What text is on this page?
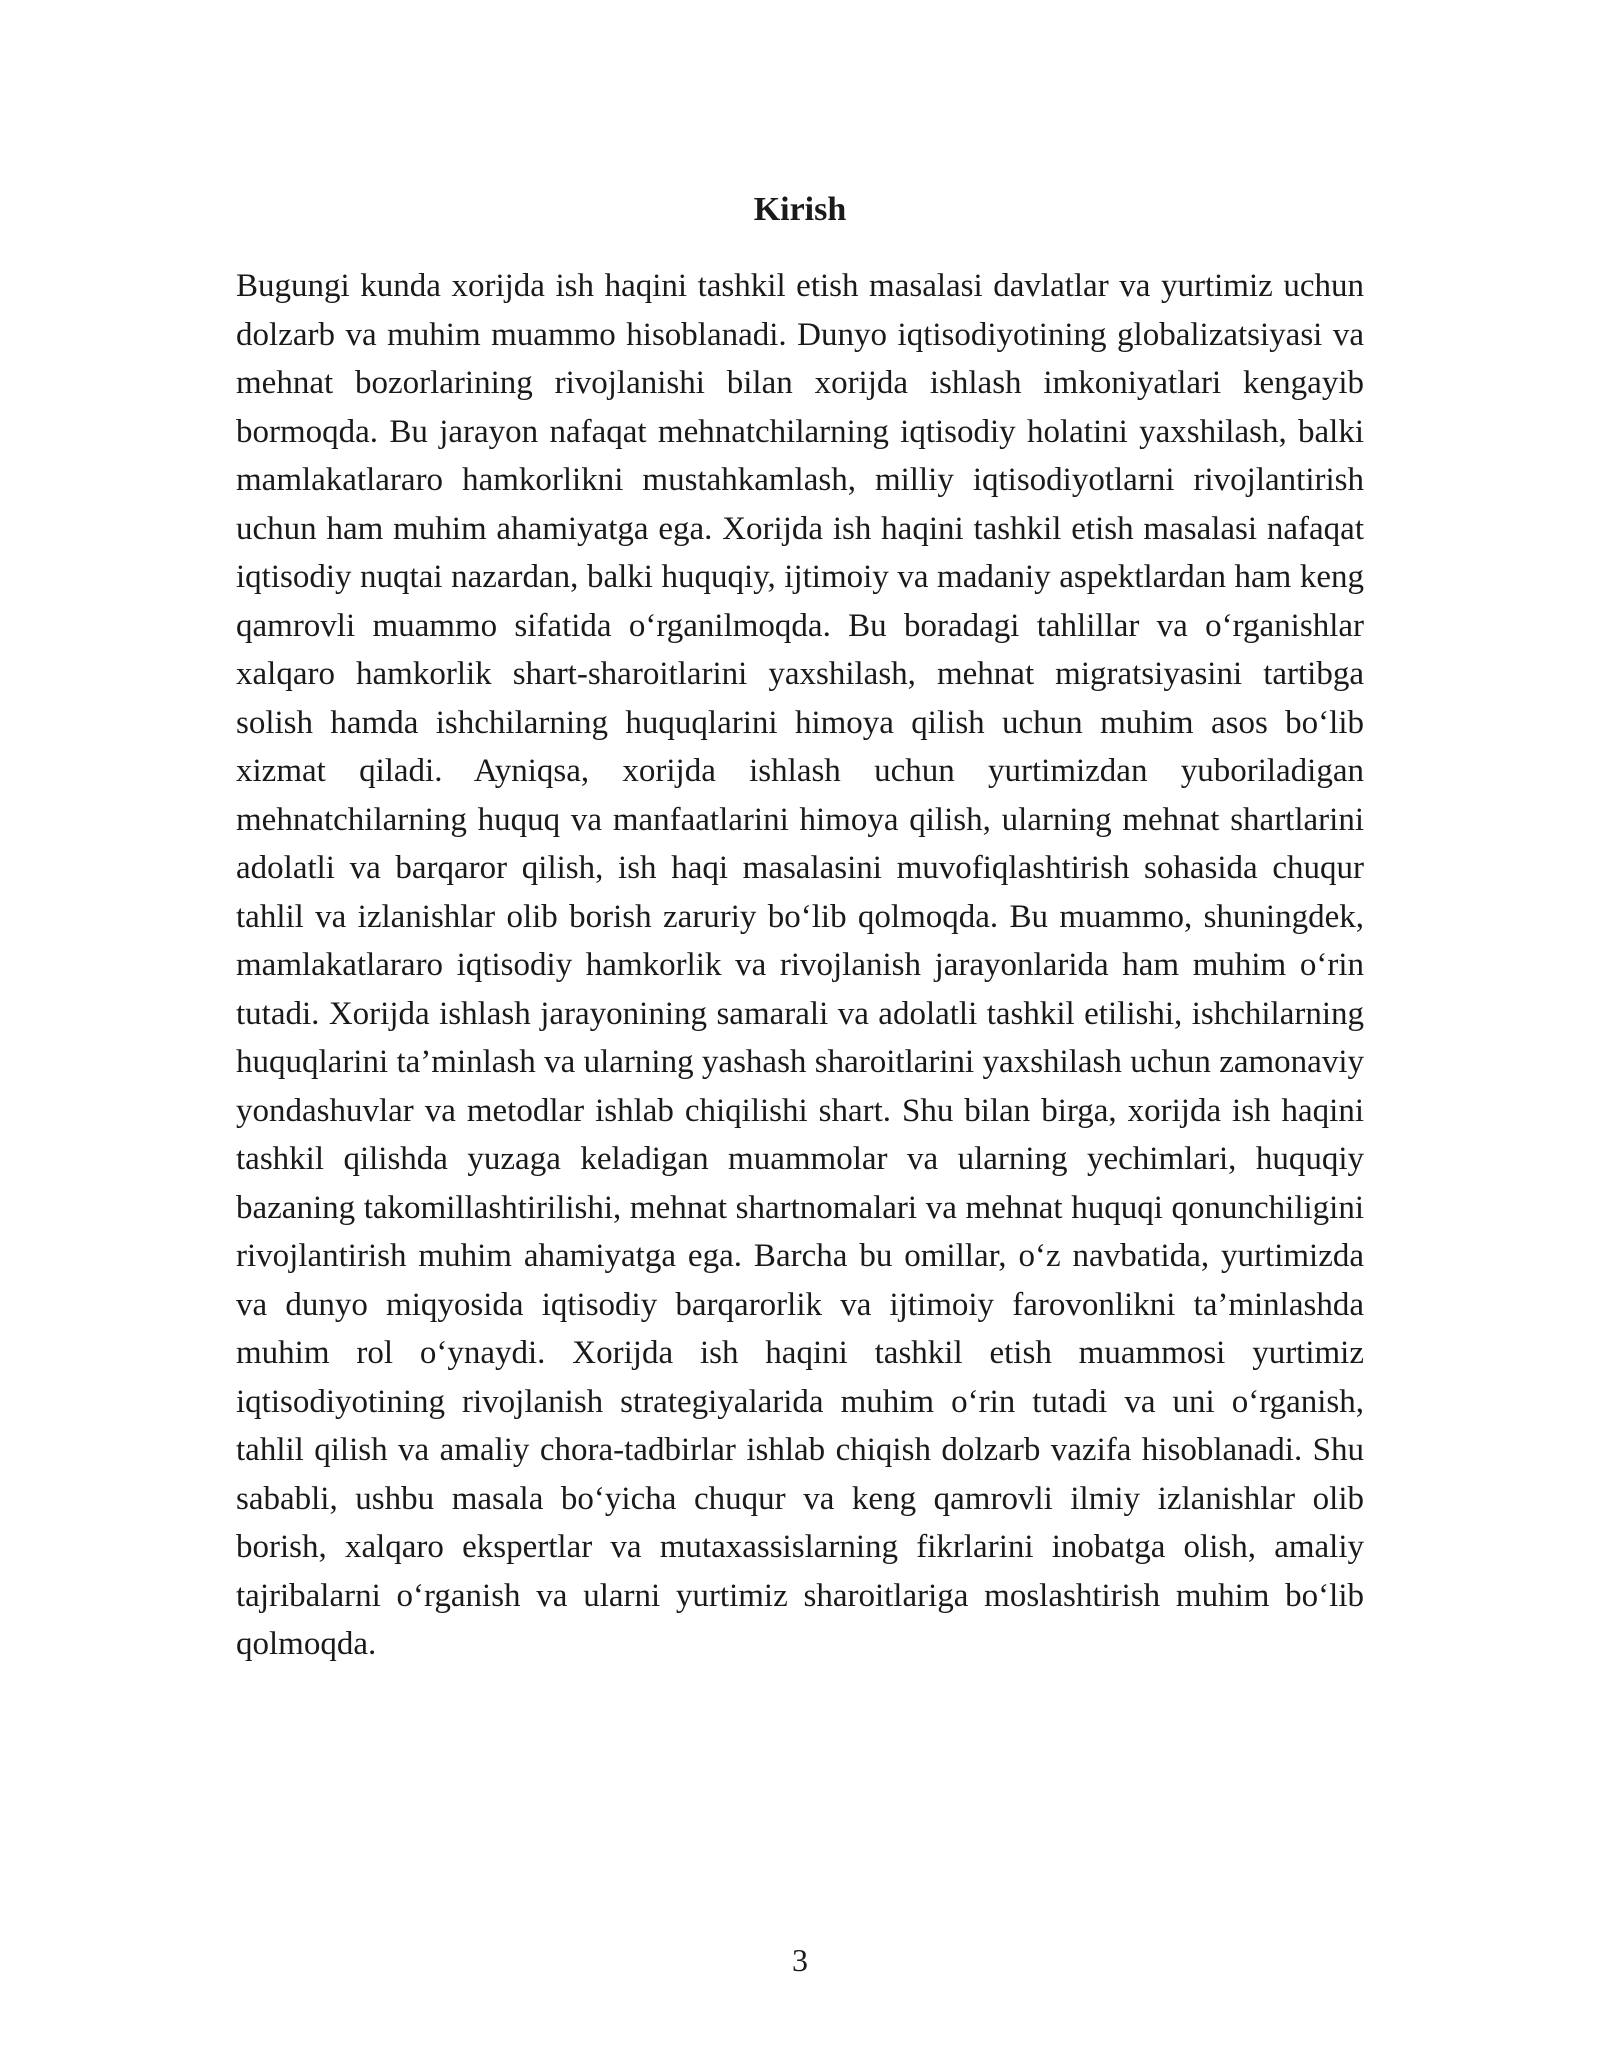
Kirish

Bugungi kunda xorijda ish haqini tashkil etish masalasi davlatlar va yurtimiz uchun dolzarb va muhim muammo hisoblanadi. Dunyo iqtisodiyotining globalizatsiyasi va mehnat bozorlarining rivojlanishi bilan xorijda ishlash imkoniyatlari kengayib bormoqda. Bu jarayon nafaqat mehnatchilarning iqtisodiy holatini yaxshilash, balki mamlakatlararo hamkorlikni mustahkamlash, milliy iqtisodiyotlarni rivojlantirish uchun ham muhim ahamiyatga ega. Xorijda ish haqini tashkil etish masalasi nafaqat iqtisodiy nuqtai nazardan, balki huquqiy, ijtimoiy va madaniy aspektlardan ham keng qamrovli muammo sifatida o‘rganilmoqda. Bu boradagi tahlillar va o‘rganishlar xalqaro hamkorlik shart-sharoitlarini yaxshilash, mehnat migratsiyasini tartibga solish hamda ishchilarning huquqlarini himoya qilish uchun muhim asos bo‘lib xizmat qiladi. Ayniqsa, xorijda ishlash uchun yurtimizdan yuboriladigan mehnatchilarning huquq va manfaatlarini himoya qilish, ularning mehnat shartlarini adolatli va barqaror qilish, ish haqi masalasini muvofiqlashtirish sohasida chuqur tahlil va izlanishlar olib borish zaruriy bo‘lib qolmoqda. Bu muammo, shuningdek, mamlakatlararo iqtisodiy hamkorlik va rivojlanish jarayonlarida ham muhim o‘rin tutadi. Xorijda ishlash jarayonining samarali va adolatli tashkil etilishi, ishchilarning huquqlarini ta’minlash va ularning yashash sharoitlarini yaxshilash uchun zamonaviy yondashuvlar va metodlar ishlab chiqilishi shart. Shu bilan birga, xorijda ish haqini tashkil qilishda yuzaga keladigan muammolar va ularning yechimlari, huquqiy bazaning takomillashtirilishi, mehnat shartnomalari va mehnat huquqi qonunchiligini rivojlantirish muhim ahamiyatga ega. Barcha bu omillar, o‘z navbatida, yurtimizda va dunyo miqyosida iqtisodiy barqarorlik va ijtimoiy farovonlikni ta’minlashda muhim rol o‘ynaydi. Xorijda ish haqini tashkil etish muammosi yurtimiz iqtisodiyotining rivojlanish strategiyalarida muhim o‘rin tutadi va uni o‘rganish, tahlil qilish va amaliy chora-tadbirlar ishlab chiqish dolzarb vazifa hisoblanadi. Shu sababli, ushbu masala bo‘yicha chuqur va keng qamrovli ilmiy izlanishlar olib borish, xalqaro ekspertlar va mutaxassislarning fikrlarini inobatga olish, amaliy tajribalarni o‘rganish va ularni yurtimiz sharoitlariga moslashtirish muhim bo‘lib qolmoqda.

3
